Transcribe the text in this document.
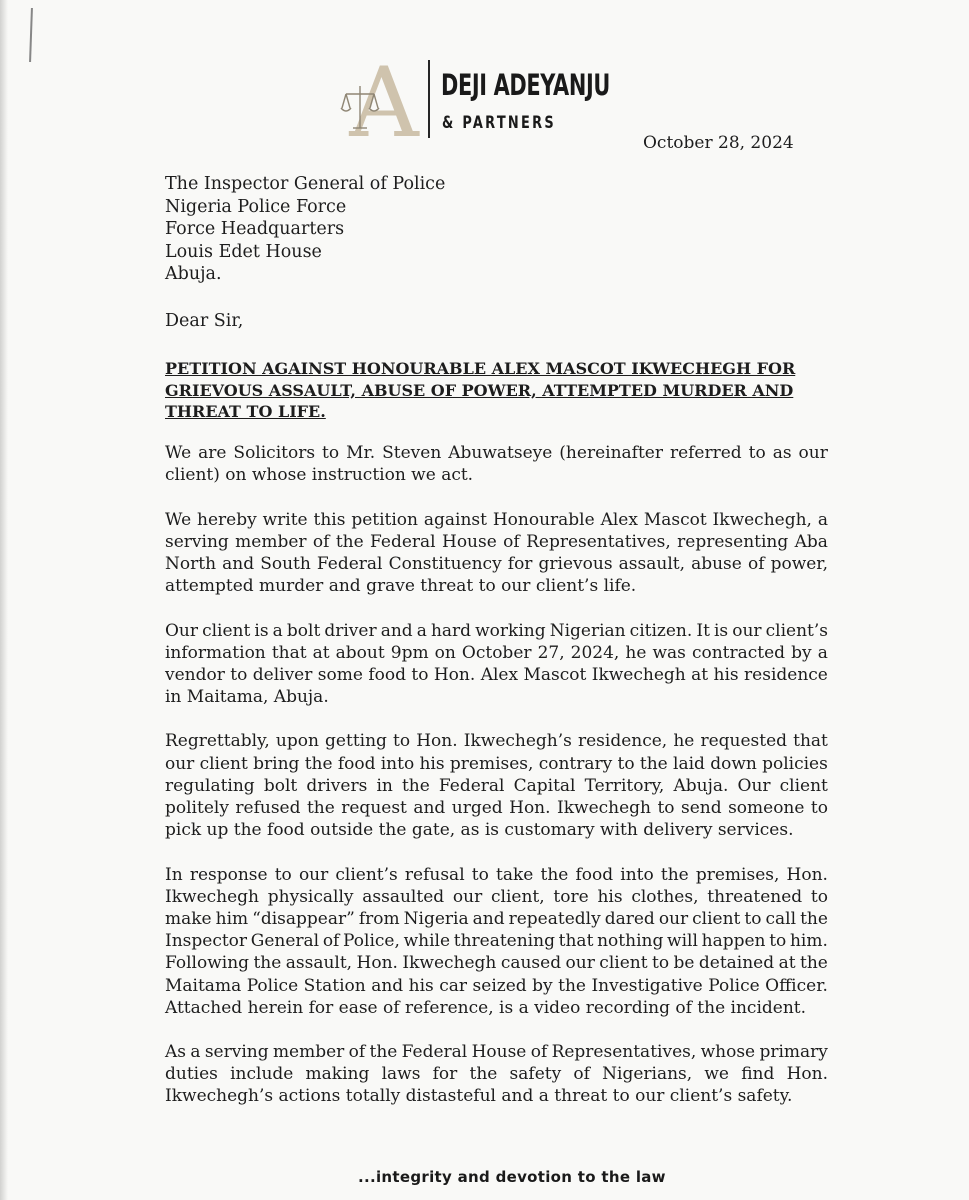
A DEJI ADEYANJU
& PARTNERS
October 28, 2024
The Inspector General of Police
Nigeria Police Force
Force Headquarters
Louis Edet House
Abuja.
Dear Sir,
PETITION AGAINST HONOURABLE ALEX MASCOT IKWECHEGH FOR
GRIEVOUS ASSAULT, ABUSE OF POWER, ATTEMPTED MURDER AND
THREAT TO LIFE.
We are Solicitors to Mr. Steven Abuwatseye (hereinafter referred to as our
client) on whose instruction we act.
We hereby write this petition against Honourable Alex Mascot Ikwechegh, a
serving member of the Federal House of Representatives, representing Aba
North and South Federal Constituency for grievous assault, abuse of power,
attempted murder and grave threat to our client’s life.
Our client is a bolt driver and a hard working Nigerian citizen. It is our client’s
information that at about 9pm on October 27, 2024, he was contracted by a
vendor to deliver some food to Hon. Alex Mascot Ikwechegh at his residence
in Maitama, Abuja.
Regrettably, upon getting to Hon. Ikwechegh’s residence, he requested that
our client bring the food into his premises, contrary to the laid down policies
regulating bolt drivers in the Federal Capital Territory, Abuja. Our client
politely refused the request and urged Hon. Ikwechegh to send someone to
pick up the food outside the gate, as is customary with delivery services.
In response to our client’s refusal to take the food into the premises, Hon.
Ikwechegh physically assaulted our client, tore his clothes, threatened to
make him “disappear” from Nigeria and repeatedly dared our client to call the
Inspector General of Police, while threatening that nothing will happen to him.
Following the assault, Hon. Ikwechegh caused our client to be detained at the
Maitama Police Station and his car seized by the Investigative Police Officer.
Attached herein for ease of reference, is a video recording of the incident.
As a serving member of the Federal House of Representatives, whose primary
duties include making laws for the safety of Nigerians, we find Hon.
Ikwechegh’s actions totally distasteful and a threat to our client’s safety.
...integrity and devotion to the law
